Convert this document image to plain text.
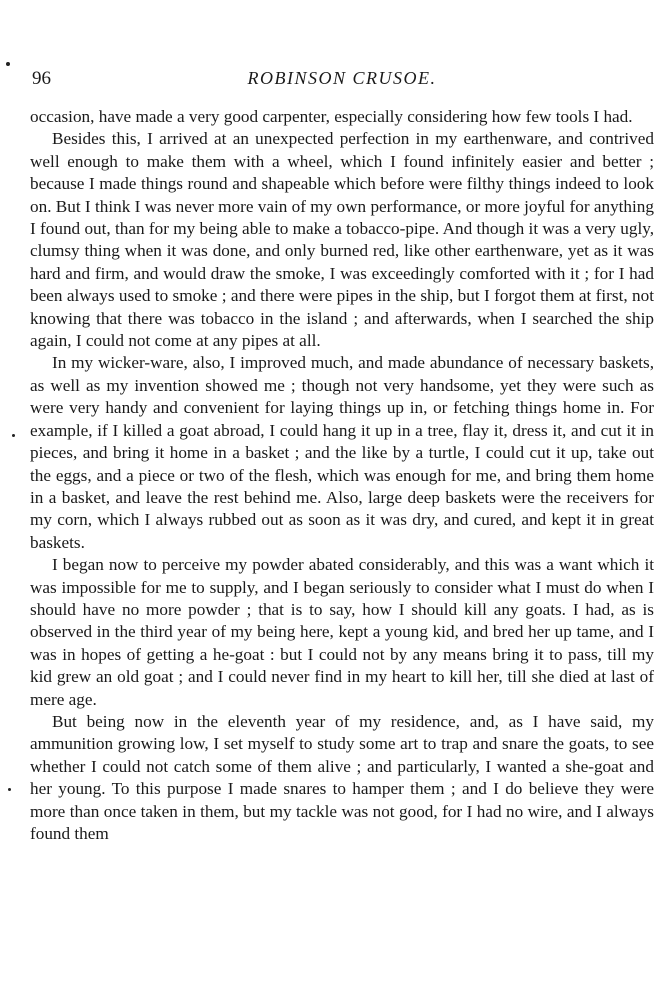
96	ROBINSON CRUSOE.

occasion, have made a very good carpenter, especially considering how few tools I had.

Besides this, I arrived at an unexpected perfection in my earthenware, and contrived well enough to make them with a wheel, which I found infinitely easier and better ; because I made things round and shapeable which before were filthy things indeed to look on. But I think I was never more vain of my own performance, or more joyful for anything I found out, than for my being able to make a tobacco-pipe. And though it was a very ugly, clumsy thing when it was done, and only burned red, like other earthenware, yet as it was hard and firm, and would draw the smoke, I was exceedingly comforted with it ; for I had been always used to smoke ; and there were pipes in the ship, but I forgot them at first, not knowing that there was tobacco in the island ; and afterwards, when I searched the ship again, I could not come at any pipes at all.

In my wicker-ware, also, I improved much, and made abundance of necessary baskets, as well as my invention showed me ; though not very handsome, yet they were such as were very handy and convenient for laying things up in, or fetching things home in. For example, if I killed a goat abroad, I could hang it up in a tree, flay it, dress it, and cut it in pieces, and bring it home in a basket ; and the like by a turtle, I could cut it up, take out the eggs, and a piece or two of the flesh, which was enough for me, and bring them home in a basket, and leave the rest behind me. Also, large deep baskets were the receivers for my corn, which I always rubbed out as soon as it was dry, and cured, and kept it in great baskets.

I began now to perceive my powder abated considerably, and this was a want which it was impossible for me to supply, and I began seriously to consider what I must do when I should have no more powder ; that is to say, how I should kill any goats. I had, as is observed in the third year of my being here, kept a young kid, and bred her up tame, and I was in hopes of getting a he-goat : but I could not by any means bring it to pass, till my kid grew an old goat ; and I could never find in my heart to kill her, till she died at last of mere age.

But being now in the eleventh year of my residence, and, as I have said, my ammunition growing low, I set myself to study some art to trap and snare the goats, to see whether I could not catch some of them alive ; and particularly, I wanted a she-goat and her young. To this purpose I made snares to hamper them ; and I do believe they were more than once taken in them, but my tackle was not good, for I had no wire, and I always found them
